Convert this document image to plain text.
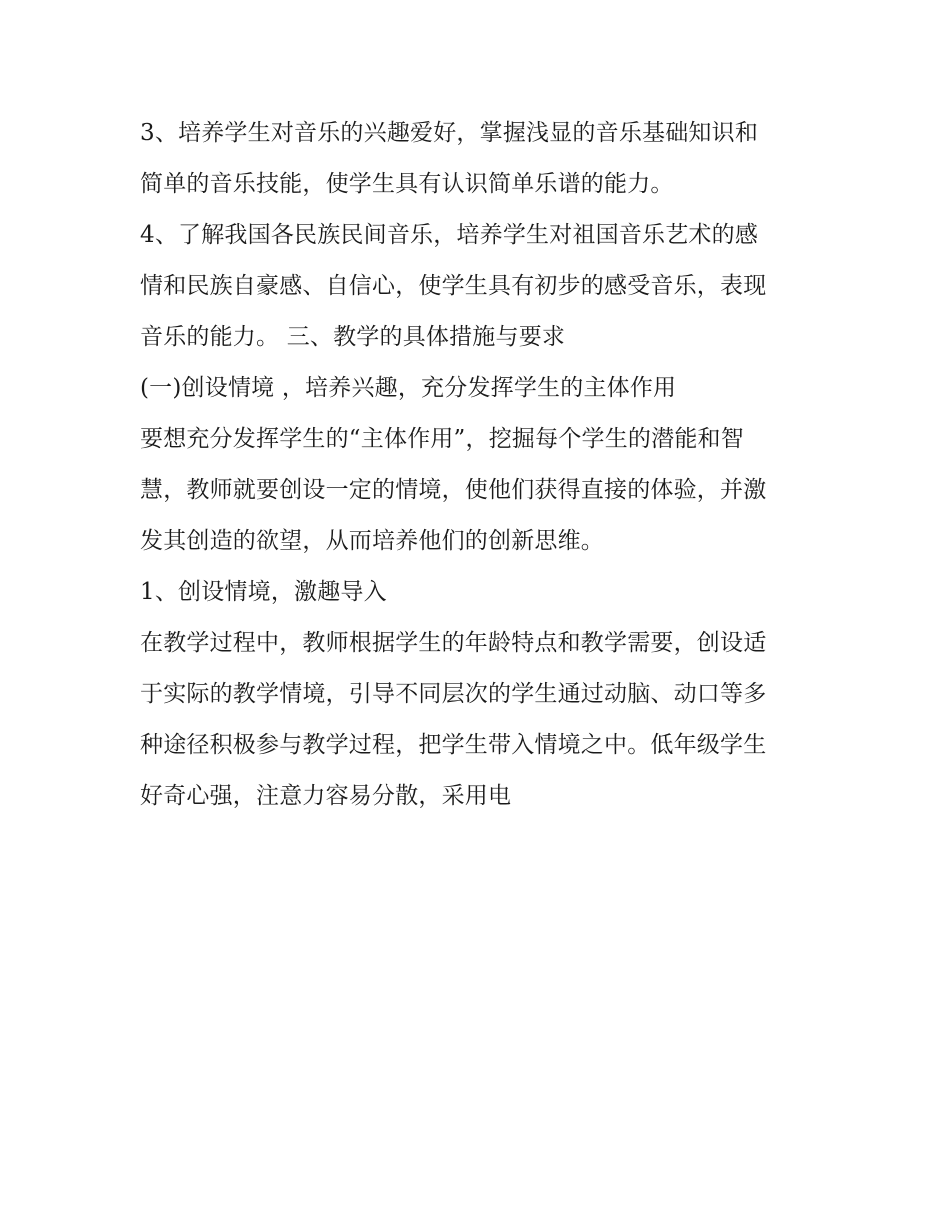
3、培养学生对音乐的兴趣爱好，掌握浅显的音乐基础知识和
简单的音乐技能，使学生具有认识简单乐谱的能力。
4、了解我国各民族民间音乐，培养学生对祖国音乐艺术的感
情和民族自豪感、自信心，使学生具有初步的感受音乐，表现
音乐的能力。 三、教学的具体措施与要求
(一)创设情境 ，培养兴趣，充分发挥学生的主体作用
要想充分发挥学生的“主体作用”，挖掘每个学生的潜能和智
慧，教师就要创设一定的情境，使他们获得直接的体验，并激
发其创造的欲望，从而培养他们的创新思维。
1、创设情境，激趣导入
在教学过程中，教师根据学生的年龄特点和教学需要，创设适
于实际的教学情境，引导不同层次的学生通过动脑、动口等多
种途径积极参与教学过程，把学生带入情境之中。低年级学生
好奇心强，注意力容易分散，采用电
